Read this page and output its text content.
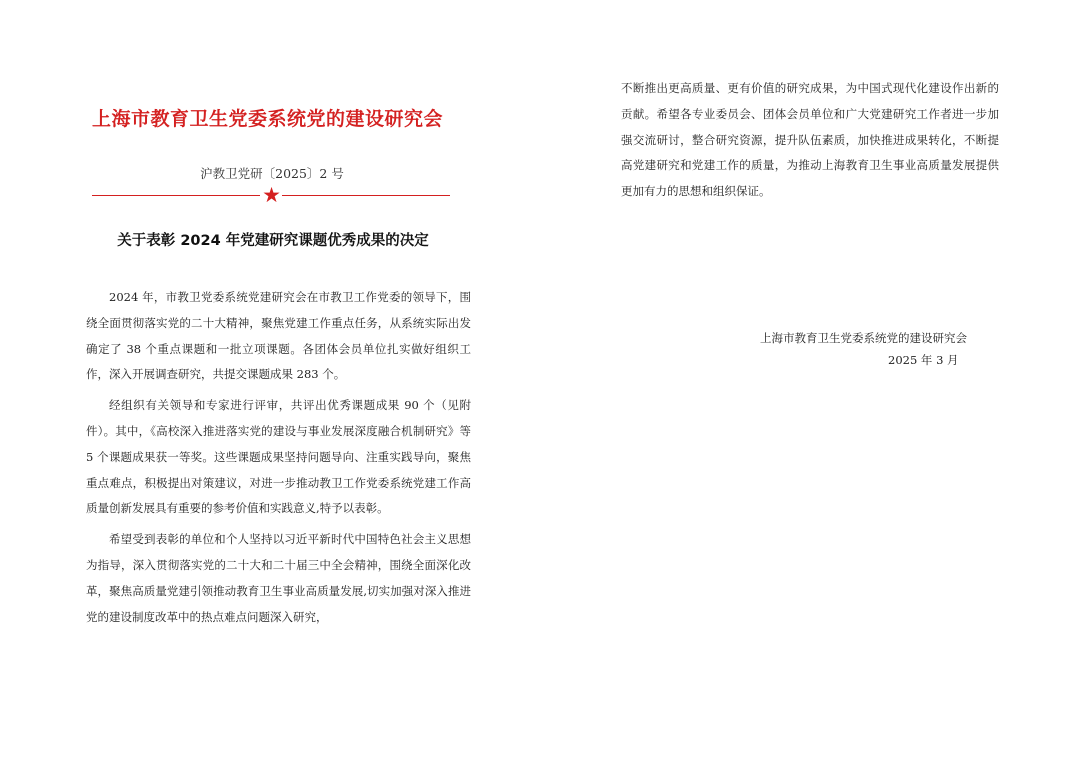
上海市教育卫生党委系统党的建设研究会
沪教卫党研〔2025〕2 号
★
关于表彰 2024 年党建研究课题优秀成果的决定

2024 年，市教卫党委系统党建研究会在市教卫工作党委的领导下，围绕全面贯彻落实党的二十大精神，聚焦党建工作重点任务，从系统实际出发确定了 38 个重点课题和一批立项课题。各团体会员单位扎实做好组织工作，深入开展调查研究，共提交课题成果 283 个。

经组织有关领导和专家进行评审，共评出优秀课题成果 90 个（见附件）。其中，《高校深入推进落实党的建设与事业发展深度融合机制研究》等 5 个课题成果获一等奖。这些课题成果坚持问题导向、注重实践导向，聚焦重点难点，积极提出对策建议，对进一步推动教卫工作党委系统党建工作高质量创新发展具有重要的参考价值和实践意义,特予以表彰。

希望受到表彰的单位和个人坚持以习近平新时代中国特色社会主义思想为指导，深入贯彻落实党的二十大和二十届三中全会精神，围绕全面深化改革，聚焦高质量党建引领推动教育卫生事业高质量发展,切实加强对深入推进党的建设制度改革中的热点难点问题深入研究，

不断推出更高质量、更有价值的研究成果，为中国式现代化建设作出新的贡献。希望各专业委员会、团体会员单位和广大党建研究工作者进一步加强交流研讨，整合研究资源，提升队伍素质，加快推进成果转化，不断提高党建研究和党建工作的质量，为推动上海教育卫生事业高质量发展提供更加有力的思想和组织保证。

上海市教育卫生党委系统党的建设研究会
2025 年 3 月
